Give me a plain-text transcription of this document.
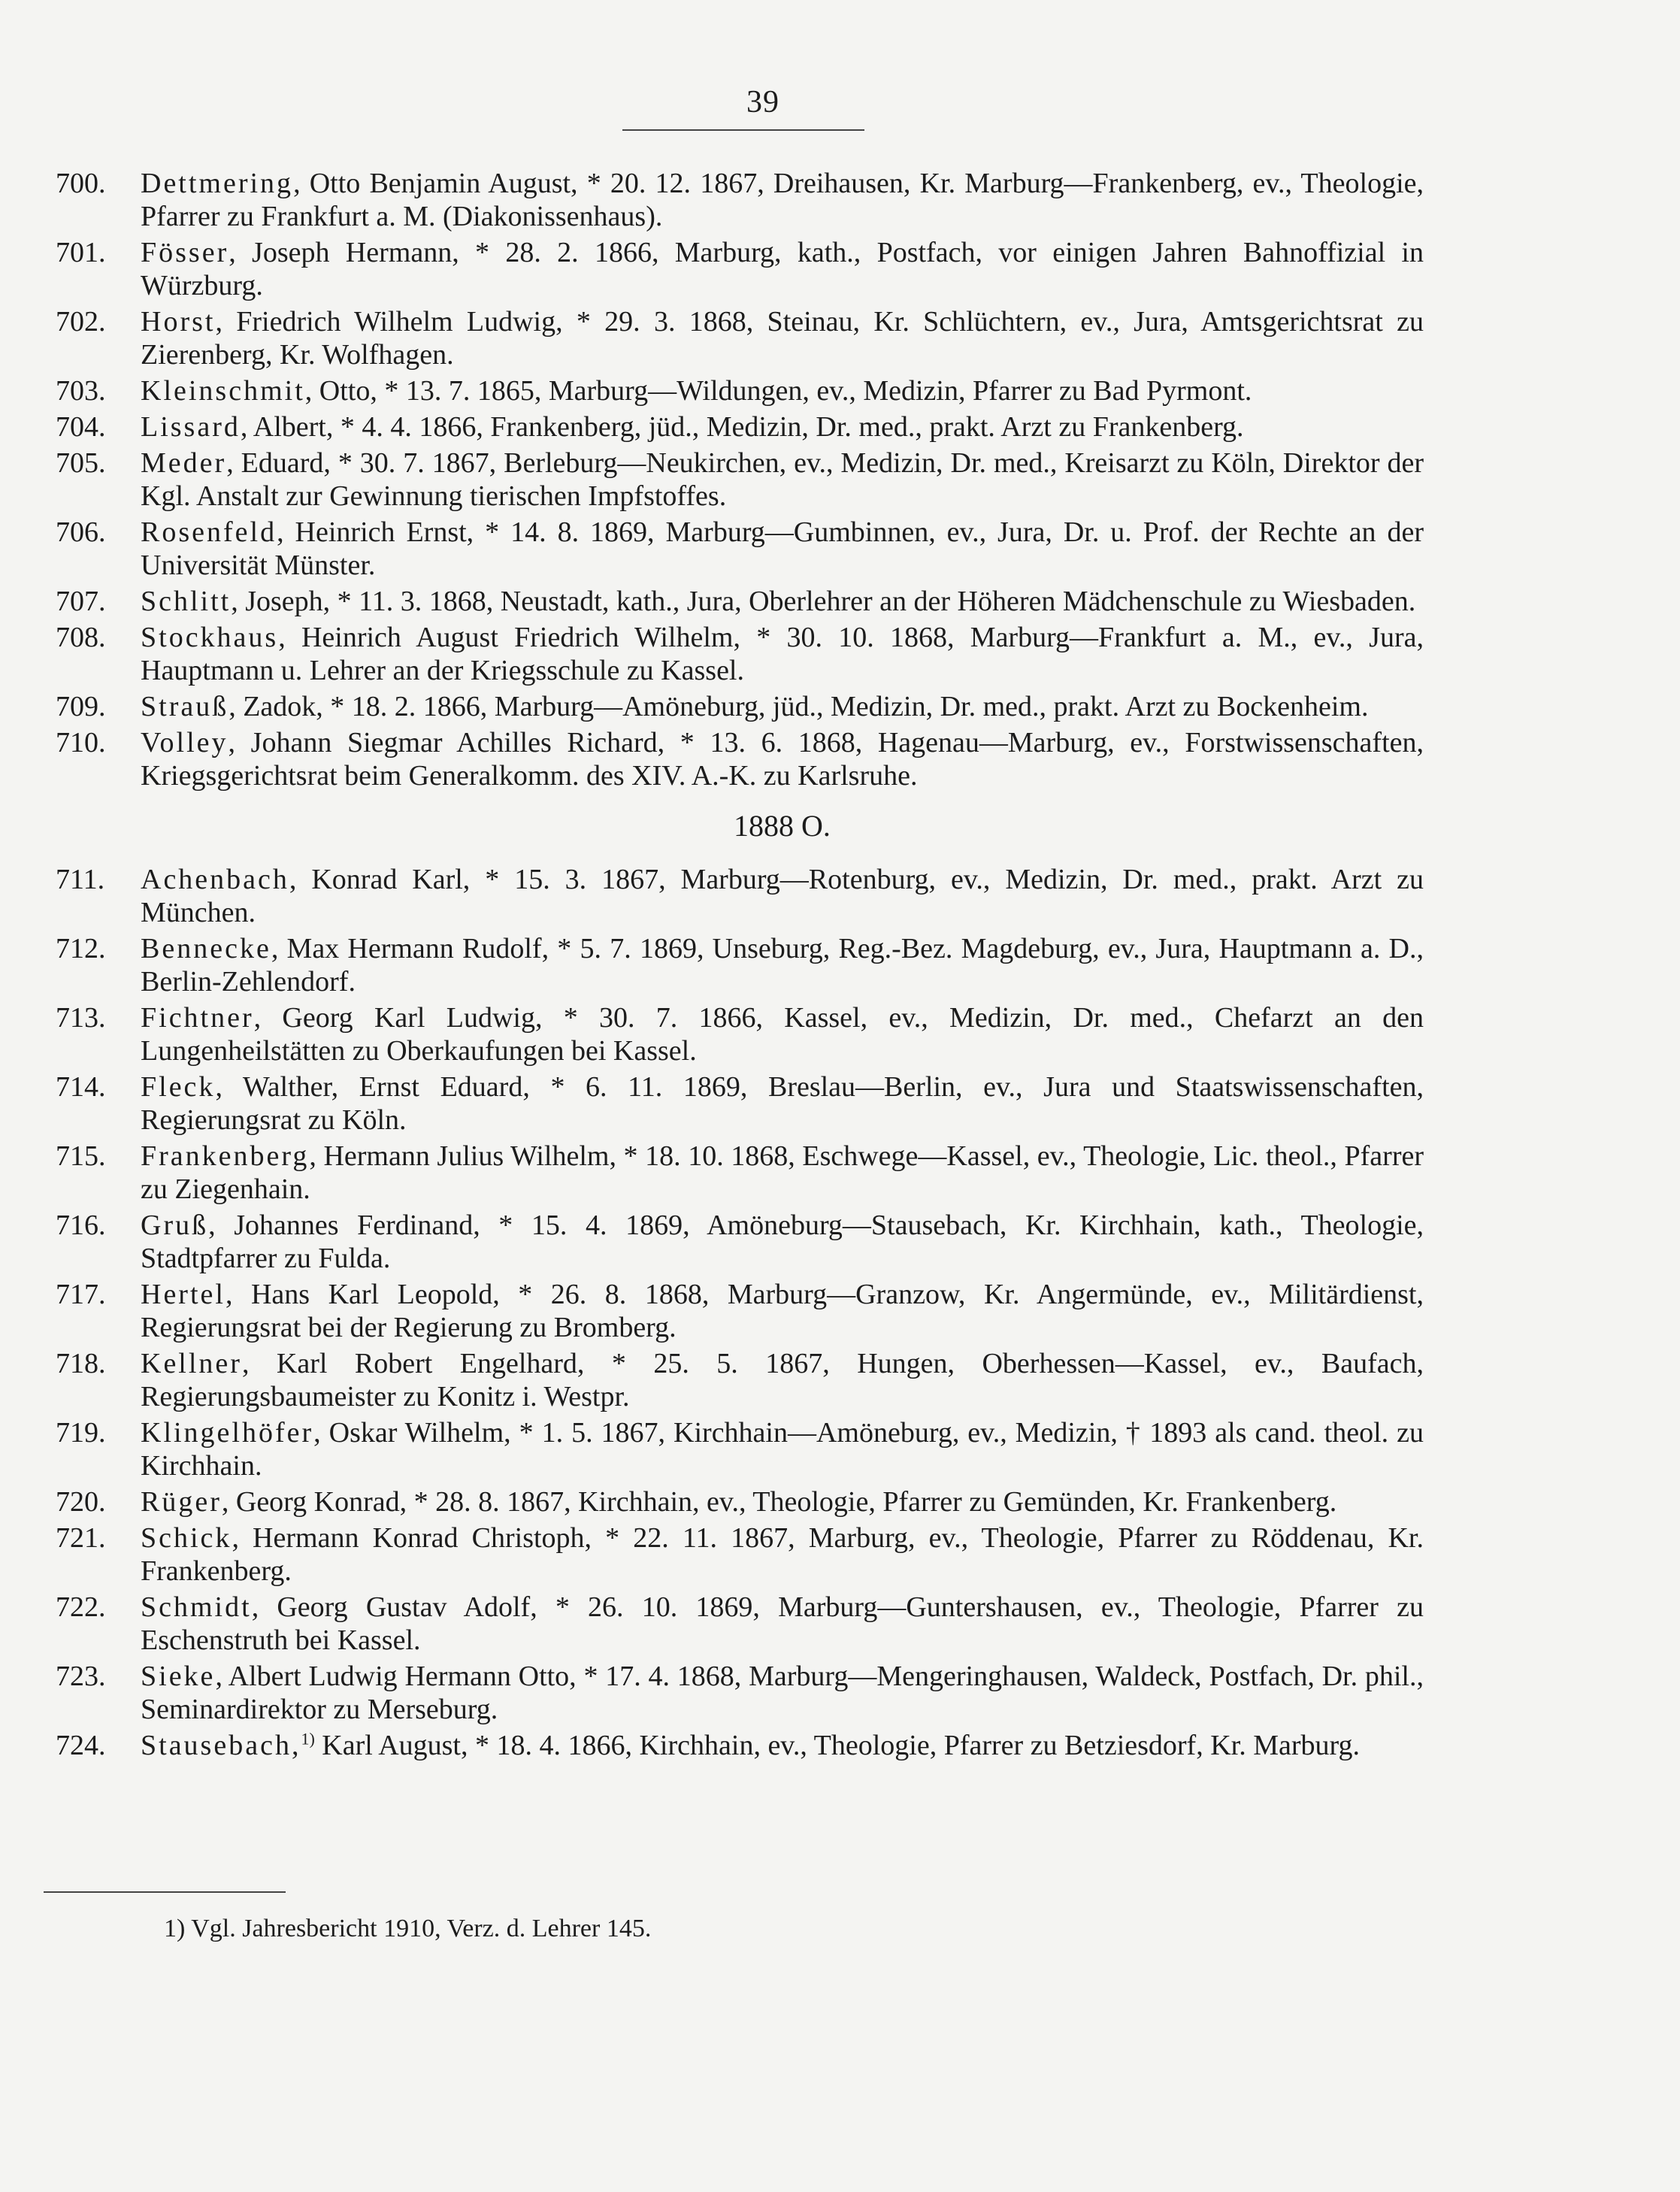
39
700.	Dettmering, Otto Benjamin August, * 20. 12. 1867, Dreihausen, Kr. Marburg—Frankenberg, ev., Theologie, Pfarrer zu Frankfurt a. M. (Diakonissenhaus).
701.	Fösser, Joseph Hermann, * 28. 2. 1866, Marburg, kath., Postfach, vor einigen Jahren Bahnoffizial in Würzburg.
702.	Horst, Friedrich Wilhelm Ludwig, * 29. 3. 1868, Steinau, Kr. Schlüchtern, ev., Jura, Amtsgerichtsrat zu Zierenberg, Kr. Wolfhagen.
703.	Kleinschmit, Otto, * 13. 7. 1865, Marburg—Wildungen, ev., Medizin, Pfarrer zu Bad Pyrmont.
704.	Lissard, Albert, * 4. 4. 1866, Frankenberg, jüd., Medizin, Dr. med., prakt. Arzt zu Frankenberg.
705.	Meder, Eduard, * 30. 7. 1867, Berleburg—Neukirchen, ev., Medizin, Dr. med., Kreisarzt zu Köln, Direktor der Kgl. Anstalt zur Gewinnung tierischen Impfstoffes.
706.	Rosenfeld, Heinrich Ernst, * 14. 8. 1869, Marburg—Gumbinnen, ev., Jura, Dr. u. Prof. der Rechte an der Universität Münster.
707.	Schlitt, Joseph, * 11. 3. 1868, Neustadt, kath., Jura, Oberlehrer an der Höheren Mädchenschule zu Wiesbaden.
708.	Stockhaus, Heinrich August Friedrich Wilhelm, * 30. 10. 1868, Marburg—Frankfurt a. M., ev., Jura, Hauptmann u. Lehrer an der Kriegsschule zu Kassel.
709.	Strauß, Zadok, * 18. 2. 1866, Marburg—Amöneburg, jüd., Medizin, Dr. med., prakt. Arzt zu Bockenheim.
710.	Volley, Johann Siegmar Achilles Richard, * 13. 6. 1868, Hagenau—Marburg, ev., Forstwissenschaften, Kriegsgerichtsrat beim Generalkomm. des XIV. A.-K. zu Karlsruhe.
1888 O.
711.	Achenbach, Konrad Karl, * 15. 3. 1867, Marburg—Rotenburg, ev., Medizin, Dr. med., prakt. Arzt zu München.
712.	Bennecke, Max Hermann Rudolf, * 5. 7. 1869, Unseburg, Reg.-Bez. Magdeburg, ev., Jura, Hauptmann a. D., Berlin-Zehlendorf.
713.	Fichtner, Georg Karl Ludwig, * 30. 7. 1866, Kassel, ev., Medizin, Dr. med., Chefarzt an den Lungenheilstätten zu Oberkaufungen bei Kassel.
714.	Fleck, Walther, Ernst Eduard, * 6. 11. 1869, Breslau—Berlin, ev., Jura und Staatswissenschaften, Regierungsrat zu Köln.
715.	Frankenberg, Hermann Julius Wilhelm, * 18. 10. 1868, Eschwege—Kassel, ev., Theologie, Lic. theol., Pfarrer zu Ziegenhain.
716.	Gruß, Johannes Ferdinand, * 15. 4. 1869, Amöneburg—Stausebach, Kr. Kirchhain, kath., Theologie, Stadtpfarrer zu Fulda.
717.	Hertel, Hans Karl Leopold, * 26. 8. 1868, Marburg—Granzow, Kr. Angermünde, ev., Militärdienst, Regierungsrat bei der Regierung zu Bromberg.
718.	Kellner, Karl Robert Engelhard, * 25. 5. 1867, Hungen, Oberhessen—Kassel, ev., Baufach, Regierungsbaumeister zu Konitz i. Westpr.
719.	Klingelhöfer, Oskar Wilhelm, * 1. 5. 1867, Kirchhain—Amöneburg, ev., Medizin, † 1893 als cand. theol. zu Kirchhain.
720.	Rüger, Georg Konrad, * 28. 8. 1867, Kirchhain, ev., Theologie, Pfarrer zu Gemünden, Kr. Frankenberg.
721.	Schick, Hermann Konrad Christoph, * 22. 11. 1867, Marburg, ev., Theologie, Pfarrer zu Röddenau, Kr. Frankenberg.
722.	Schmidt, Georg Gustav Adolf, * 26. 10. 1869, Marburg—Guntershausen, ev., Theologie, Pfarrer zu Eschenstruth bei Kassel.
723.	Sieke, Albert Ludwig Hermann Otto, * 17. 4. 1868, Marburg—Mengeringhausen, Waldeck, Postfach, Dr. phil., Seminardirektor zu Merseburg.
724.	Stausebach,$^{1)}$ Karl August, * 18. 4. 1866, Kirchhain, ev., Theologie, Pfarrer zu Betziesdorf, Kr. Marburg.
1) Vgl. Jahresbericht 1910, Verz. d. Lehrer 145.
